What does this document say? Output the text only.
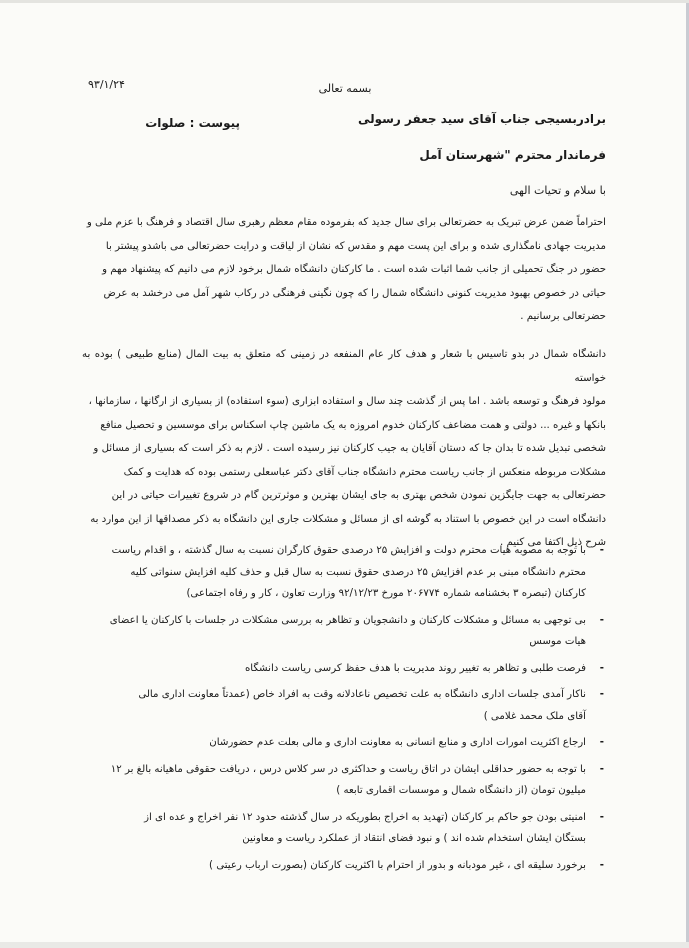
بسمه تعالی
۹۳/۱/۲۴
برادربسیجی جناب آقای سید جعفر رسولی
پیوست : صلوات
فرماندار محترم "شهرستان آمل
با سلام و تحیات الهی

احتراماً ضمن عرض تبریک به حضرتعالی برای سال جدید که بفرموده مقام معظم رهبری سال اقتصاد و فرهنگ با عزم ملی و

مدیریت جهادی نامگذاری شده و برای این پست مهم و مقدس که نشان از لیاقت و درایت حضرتعالی می باشدو پیشتر با

حضور در جنگ تحمیلی از جانب شما اثبات شده است . ما کارکنان دانشگاه شمال برخود لازم می دانیم که پیشنهاد مهم و

حیاتی در خصوص بهبود مدیریت کنونی دانشگاه شمال را که چون نگینی فرهنگی در رکاب شهر آمل می درخشد به عرض

حضرتعالی برسانیم .

دانشگاه شمال در بدو تاسیس با شعار و هدف کار عام المنفعه در زمینی که متعلق به بیت المال (منابع طبیعی ) بوده به خواسته

مولود فرهنگ و توسعه باشد . اما پس از گذشت چند سال و استفاده ابزاری (سوء استفاده) از بسیاری از ارگانها ، سازمانها ،

بانکها و غیره ... دولتی و همت مضاعف کارکنان خدوم امروزه به یک ماشین چاپ اسکناس برای موسسین و تحصیل منافع

شخصی تبدیل شده تا بدان جا که دستان آقایان به جیب کارکنان نیز رسیده است . لازم به ذکر است که بسیاری از مسائل و

مشکلات مربوطه منعکس از جانب ریاست محترم دانشگاه جناب آقای دکتر عباسعلی رستمی بوده که هدایت و کمک

حضرتعالی به جهت جایگزین نمودن شخص بهتری به جای ایشان بهترین و موثرترین گام در شروع تغییرات حیاتی در این

دانشگاه است در این خصوص با استناد به گوشه ای از مسائل و مشکلات جاری این دانشگاه به ذکر مصداقها از این موارد به

شرح ذیل اکتفا می کنیم .

-
با توجه به مصوبه هیات محترم دولت و افزایش ۲۵ درصدی حقوق کارگران نسبت به سال گذشته ، و اقدام ریاست
محترم دانشگاه مبنی بر عدم افزایش ۲۵ درصدی حقوق نسبت به سال قبل و حذف کلیه افزایش سنواتی کلیه
کارکنان (تبصره ۳ بخشنامه شماره ۲۰۶۷۷۴ مورخ ۹۲/۱۲/۲۳ وزارت تعاون ، کار و رفاه اجتماعی)
-
بی توجهی به مسائل و مشکلات کارکنان و دانشجویان و تظاهر به بررسی مشکلات در جلسات با کارکنان یا اعضای
هیات موسس
-
فرصت طلبی و تظاهر به تغییر روند مدیریت با هدف حفظ کرسی ریاست دانشگاه
-
ناکار آمدی جلسات اداری دانشگاه به علت تخصیص ناعادلانه وقت به افراد خاص (عمدتاً معاونت اداری مالی
آقای ملک محمد غلامی )
-
ارجاع اکثریت امورات اداری و منابع انسانی به معاونت اداری و مالی بعلت عدم حضورشان
-
با توجه به حضور حداقلی ایشان در اتاق ریاست و حداکثری در سر کلاس درس ، دریافت حقوقی ماهیانه بالغ بر ۱۲
میلیون تومان (از دانشگاه شمال و موسسات اقماری تابعه )
-
امنیتی بودن جو حاکم بر کارکنان (تهدید به اخراج بطوریکه در سال گذشته حدود ۱۲ نفر اخراج و عده ای از
بستگان ایشان استخدام شده اند ) و نبود فضای انتقاد از عملکرد ریاست و معاونین
-
برخورد سلیقه ای ، غیر مودبانه و بدور از احترام با اکثریت کارکنان (بصورت ارباب رعیتی )
